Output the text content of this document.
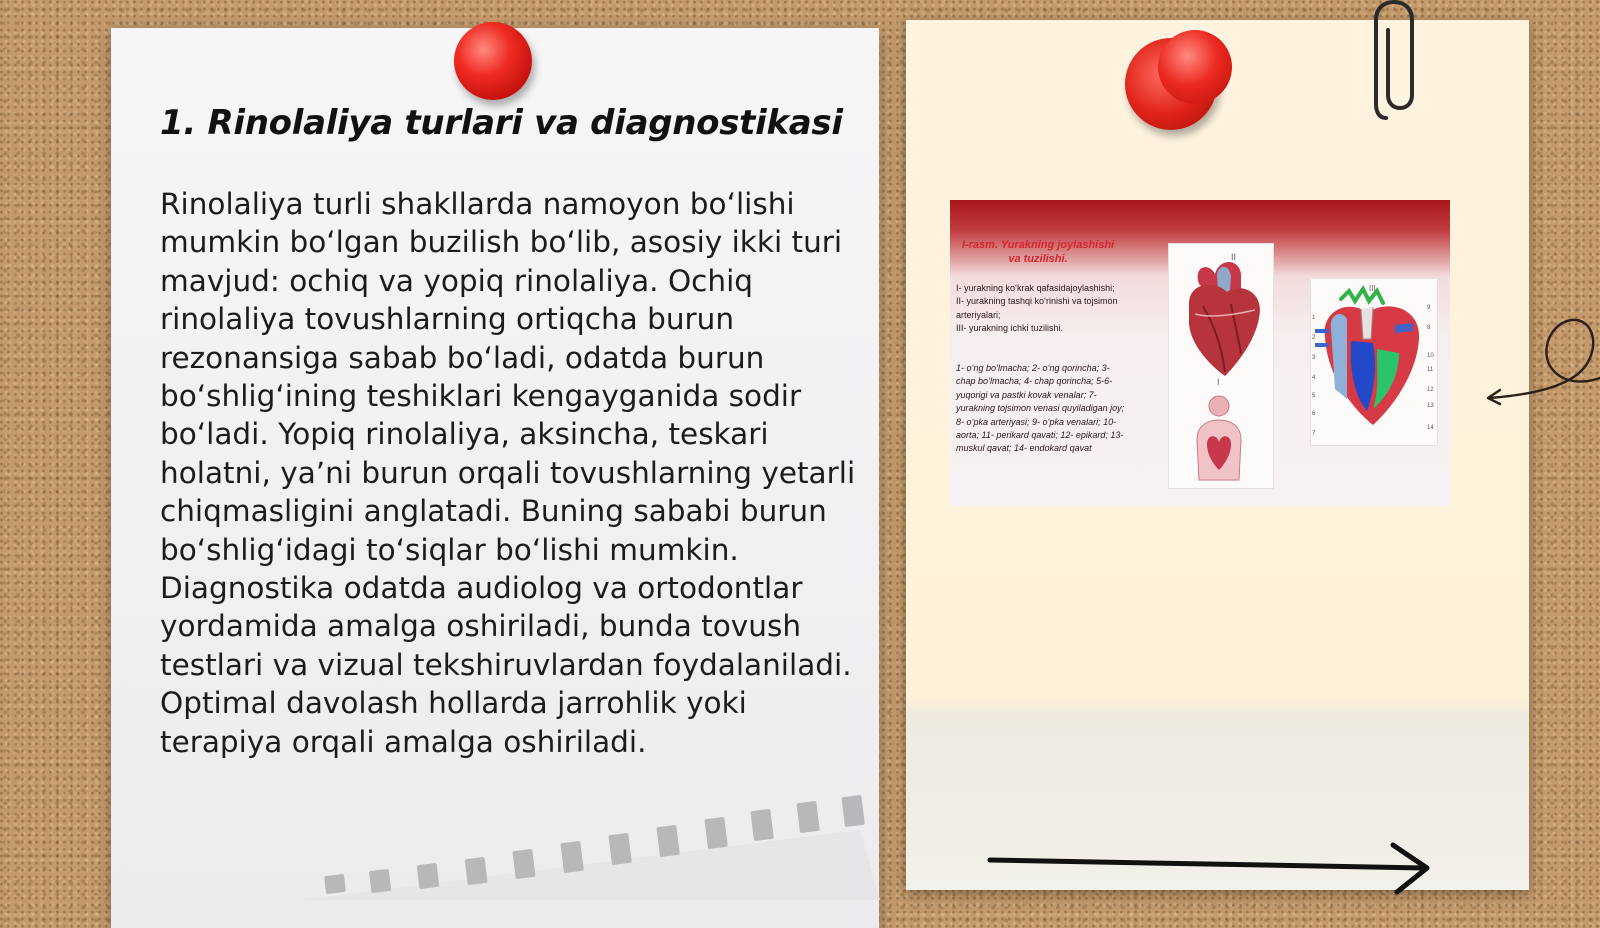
1. Rinolaliya turlari va diagnostikasi

Rinolaliya turli shakllarda namoyon bo‘lishi mumkin bo‘lgan buzilish bo‘lib, asosiy ikki turi mavjud: ochiq va yopiq rinolaliya. Ochiq rinolaliya tovushlarning ortiqcha burun rezonansiga sabab bo‘ladi, odatda burun bo‘shlig‘ining teshiklari kengayganida sodir bo‘ladi. Yopiq rinolaliya, aksincha, teskari holatni, ya’ni burun orqali tovushlarning yetarli chiqmasligini anglatadi. Buning sababi burun bo‘shlig‘idagi to‘siqlar bo‘lishi mumkin. Diagnostika odatda audiolog va ortodontlar yordamida amalga oshiriladi, bunda tovush testlari va vizual tekshiruvlardan foydalaniladi. Optimal davolash hollarda jarrohlik yoki terapiya orqali amalga oshiriladi.

I-rasm. Yurakning joylashishi va tuzilishi.
I- yurakning ko‘krak qafasidajoylashishi;
II- yurakning tashqi ko‘rinishi va tojsimon arteriyalari;
III- yurakning ichki tuzilishi.
1- o‘ng bo‘lmacha; 2- o‘ng qorincha; 3- chap bo‘lmacha; 4- chap qorincha; 5-6- yuqorigi va pastki kovak venalar; 7- yurakning tojsimon venasi quyiladigan joy; 8- o‘pka arteriyasi; 9- o‘pka venalari; 10- aorta; 11- perikard qavati; 12- epikard; 13- muskul qavat; 14- endokard qavat
II
I
III
1
2
3
4
5
6
7
9
8
10
11
12
13
14
